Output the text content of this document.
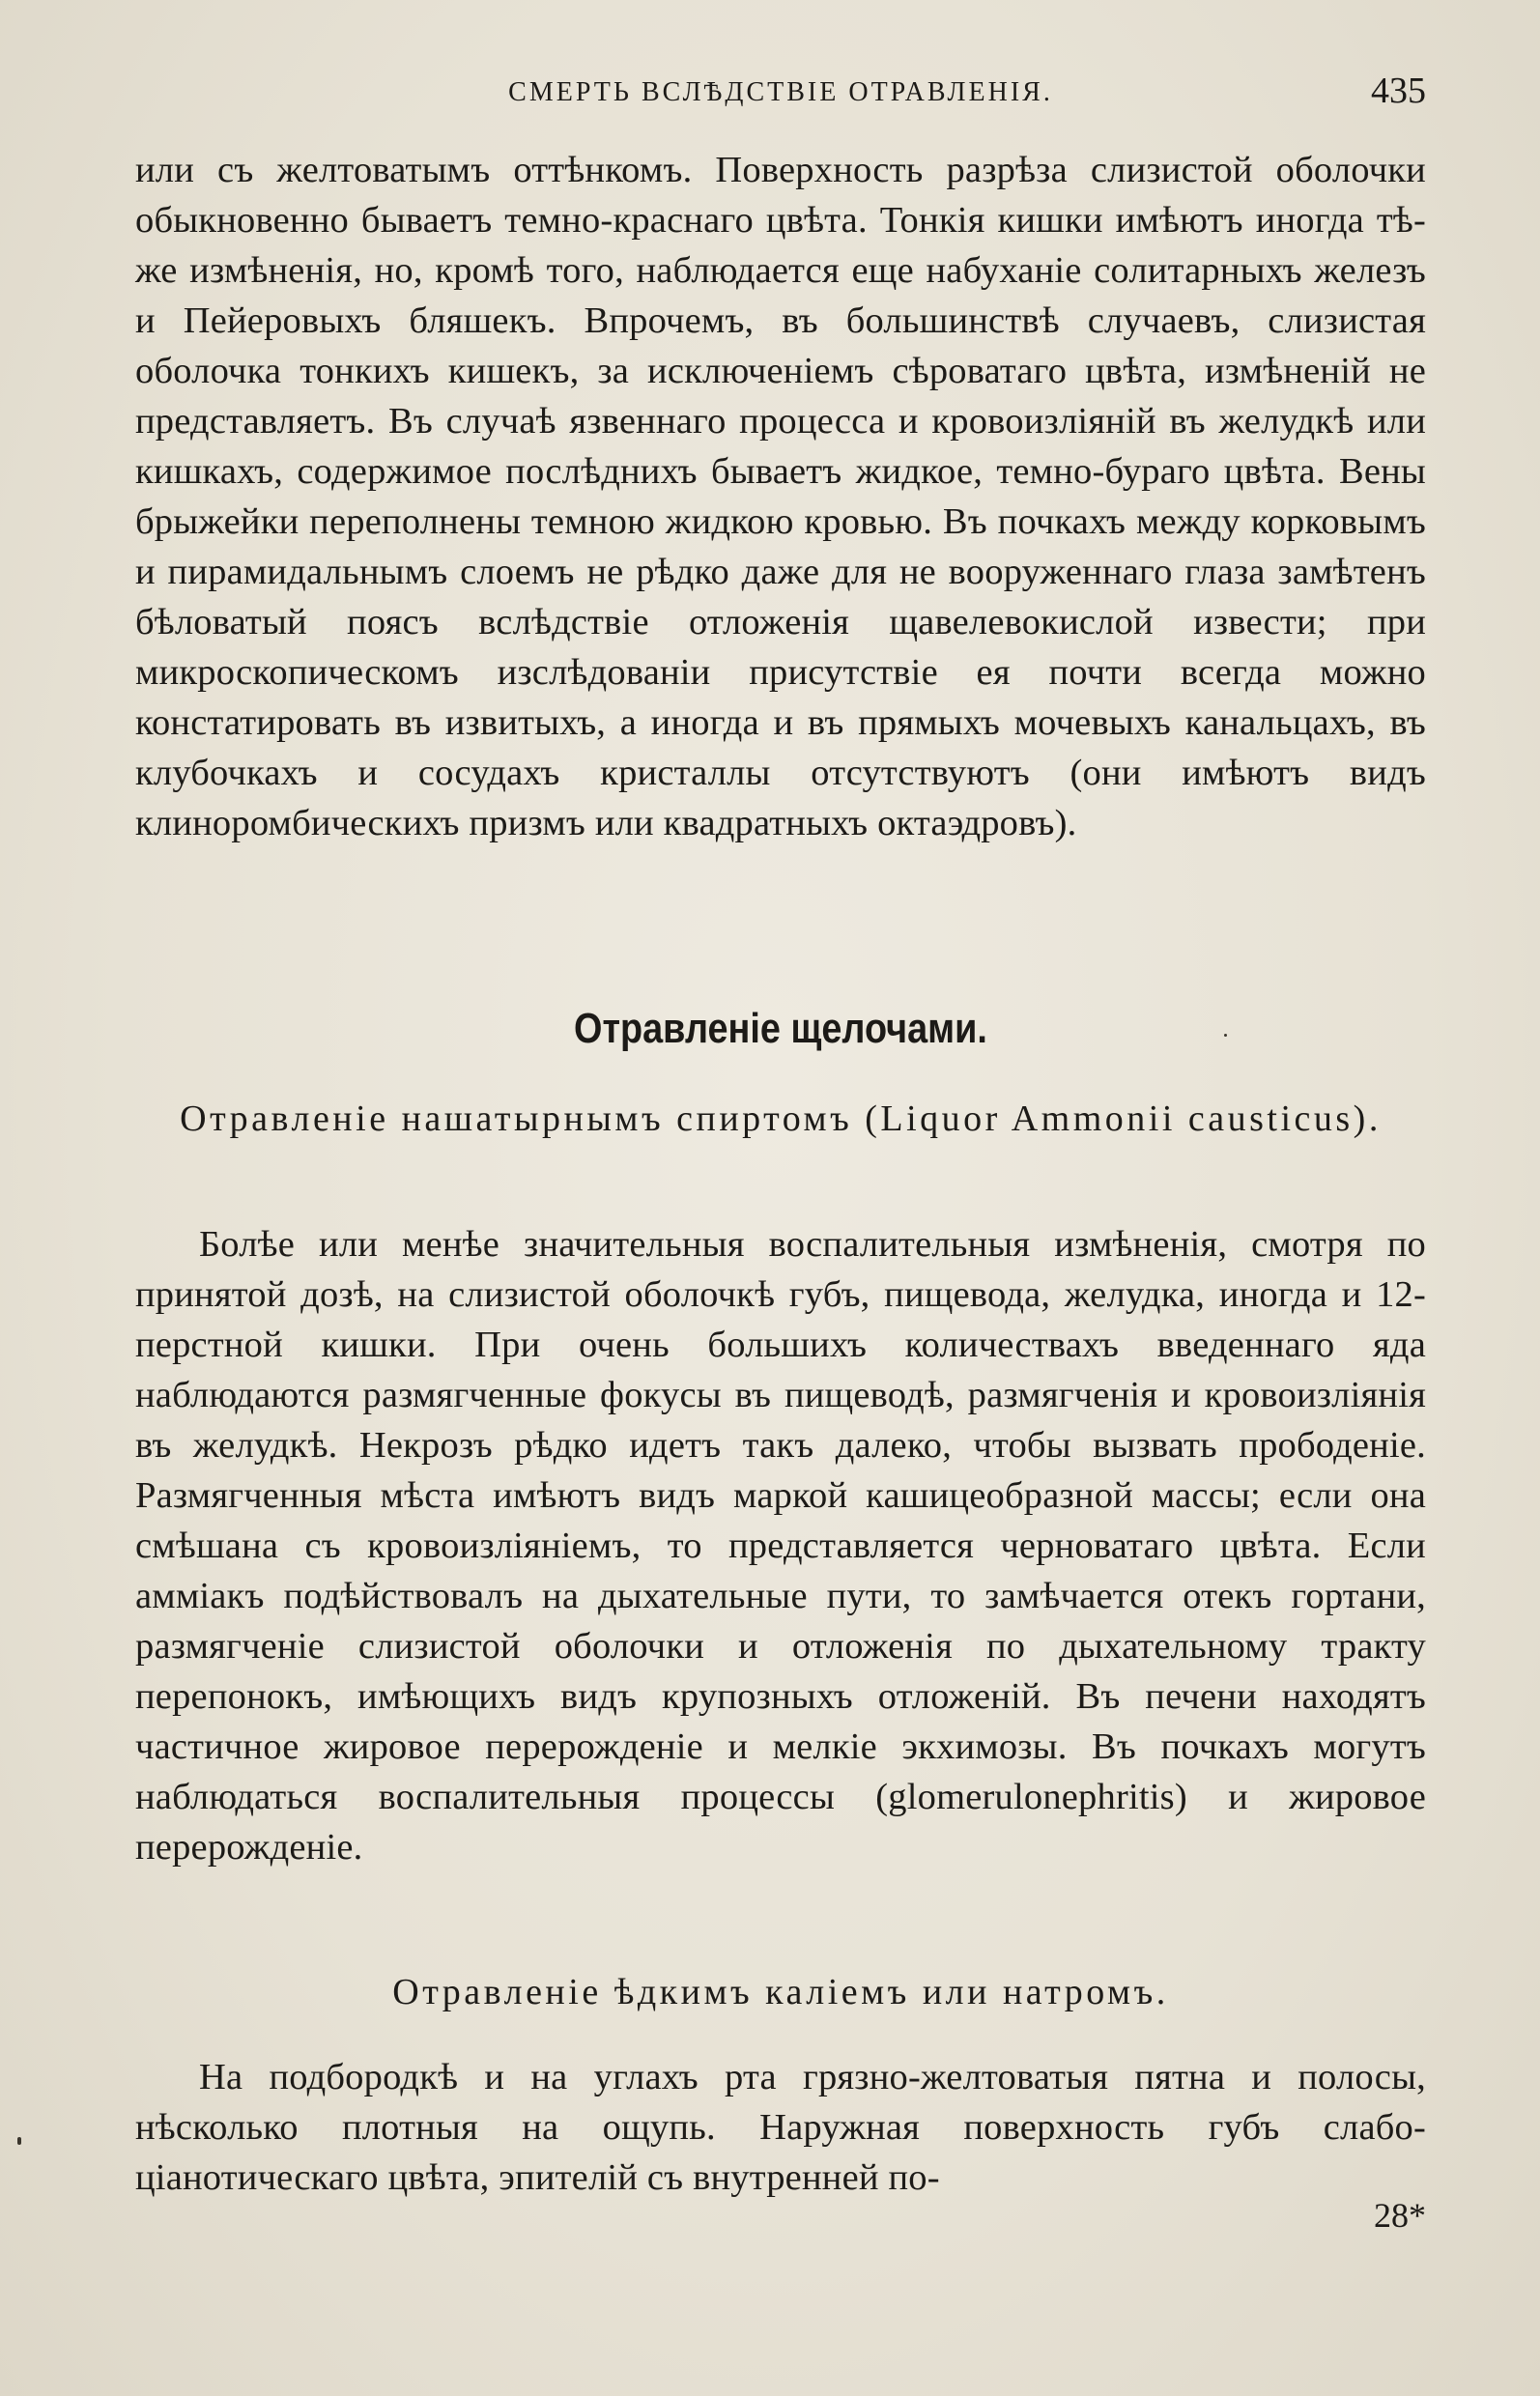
СМЕРТЬ ВСЛѢДСТВІЕ ОТРАВЛЕНІЯ.	435

или съ желтоватымъ оттѣнкомъ. Поверхность разрѣза слизистой оболочки обыкновенно бываетъ темно-краснаго цвѣта. Тонкія кишки имѣютъ иногда тѣ-же измѣненія, но, кромѣ того, наблюдается еще набуханіе солитарныхъ железъ и Пейеровыхъ бляшекъ. Впрочемъ, въ большинствѣ случаевъ, слизистая оболочка тонкихъ кишекъ, за исключеніемъ сѣроватаго цвѣта, измѣненій не представляетъ. Въ случаѣ язвеннаго процесса и кровоизліяній въ желудкѣ или кишкахъ, содержимое послѣднихъ бываетъ жидкое, темно-бураго цвѣта. Вены брыжейки переполнены темною жидкою кровью. Въ почкахъ между корковымъ и пирамидальнымъ слоемъ не рѣдко даже для не вооруженнаго глаза замѣтенъ бѣловатый поясъ вслѣдствіе отложенія щавелевокислой извести; при микроскопическомъ изслѣдованіи присутствіе ея почти всегда можно констатировать въ извитыхъ, а иногда и въ прямыхъ мочевыхъ канальцахъ, въ клубочкахъ и сосудахъ кристаллы отсутствуютъ (они имѣютъ видъ клиноромбическихъ призмъ или квадратныхъ октаэдровъ).

Отравленіе щелочами.

Отравленіе нашатырнымъ спиртомъ (Liquor Ammonii causticus).

Болѣе или менѣе значительныя воспалительныя измѣненія, смотря по принятой дозѣ, на слизистой оболочкѣ губъ, пищевода, желудка, иногда и 12-перстной кишки. При очень большихъ количествахъ введеннаго яда наблюдаются размягченные фокусы въ пищеводѣ, размягченія и кровоизліянія въ желудкѣ. Некрозъ рѣдко идетъ такъ далеко, чтобы вызвать прободеніе. Размягченныя мѣста имѣютъ видъ маркой кашицеобразной массы; если она смѣшана съ кровоизліяніемъ, то представляется черноватаго цвѣта. Если аммiакъ подѣйствовалъ на дыхательные пути, то замѣчается отекъ гортани, размягченіе слизистой оболочки и отложенія по дыхательному тракту перепонокъ, имѣющихъ видъ крупозныхъ отложеній. Въ печени находятъ частичное жировое перерожденіе и мелкіе экхимозы. Въ почкахъ могутъ наблюдаться воспалительныя процессы (glomerulonephritis) и жировое перерожденіе.

Отравленіе ѣдкимъ каліемъ или натромъ.

На подбородкѣ и на углахъ рта грязно-желтоватыя пятна и полосы, нѣсколько плотныя на ощупь. Наружная поверхность губъ слабо-ціанотическаго цвѣта, эпителій съ внутренней по-

28*
